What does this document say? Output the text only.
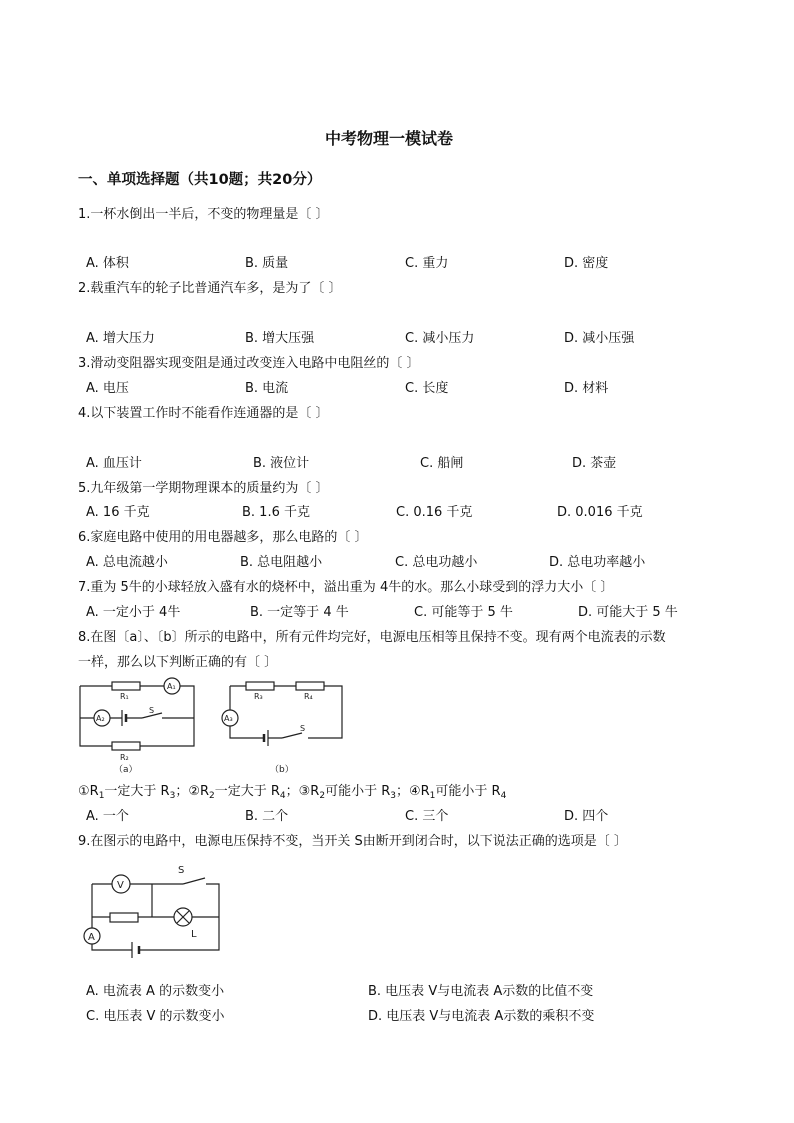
中考物理一模试卷
一、单项选择题（共10题；共20分）
1.一杯水倒出一半后，不变的物理量是〔 〕
A. 体积	B. 质量	C. 重力	D. 密度
2.载重汽车的轮子比普通汽车多，是为了〔 〕
A. 增大压力	B. 增大压强	C. 减小压力	D. 减小压强
3.滑动变阻器实现变阻是通过改变连入电路中电阻丝的〔 〕
A. 电压	B. 电流	C. 长度	D. 材料
4.以下装置工作时不能看作连通器的是〔 〕
A. 血压计	B. 液位计	C. 船闸	D. 茶壶
5.九年级第一学期物理课本的质量约为〔 〕
A. 16 千克	B. 1.6 千克	C. 0.16 千克	D. 0.016 千克
6.家庭电路中使用的用电器越多，那么电路的〔 〕
A. 总电流越小	B. 总电阻越小	C. 总电功越小	D. 总电功率越小
7.重为 5牛的小球轻放入盛有水的烧杯中，溢出重为 4牛的水。那么小球受到的浮力大小〔 〕
A. 一定小于 4牛	B. 一定等于 4 牛	C. 可能等于 5 牛	D. 可能大于 5 牛
8.在图〔a〕、〔b〕所示的电路中，所有元件均完好，电源电压相等且保持不变。现有两个电流表的示数
一样，那么以下判断正确的有〔 〕
R₁
A₁
A₂
S
R₂
（a）
R₃	R₄
A₃
S
（b）
$①R_1$一定大于 $R_3$；$②R_2$一定大于 $R_4$；$③R_2$可能小于 $R_3$；$④R_1$可能小于 $R_4$
A. 一个	B. 二个	C. 三个	D. 四个
9.在图示的电路中，电源电压保持不变，当开关 S由断开到闭合时，以下说法正确的选项是〔 〕
V
A
S
L
A. 电流表 A 的示数变小	B. 电压表 V与电流表 A示数的比值不变
C. 电压表 V 的示数变小	D. 电压表 V与电流表 A示数的乘积不变
